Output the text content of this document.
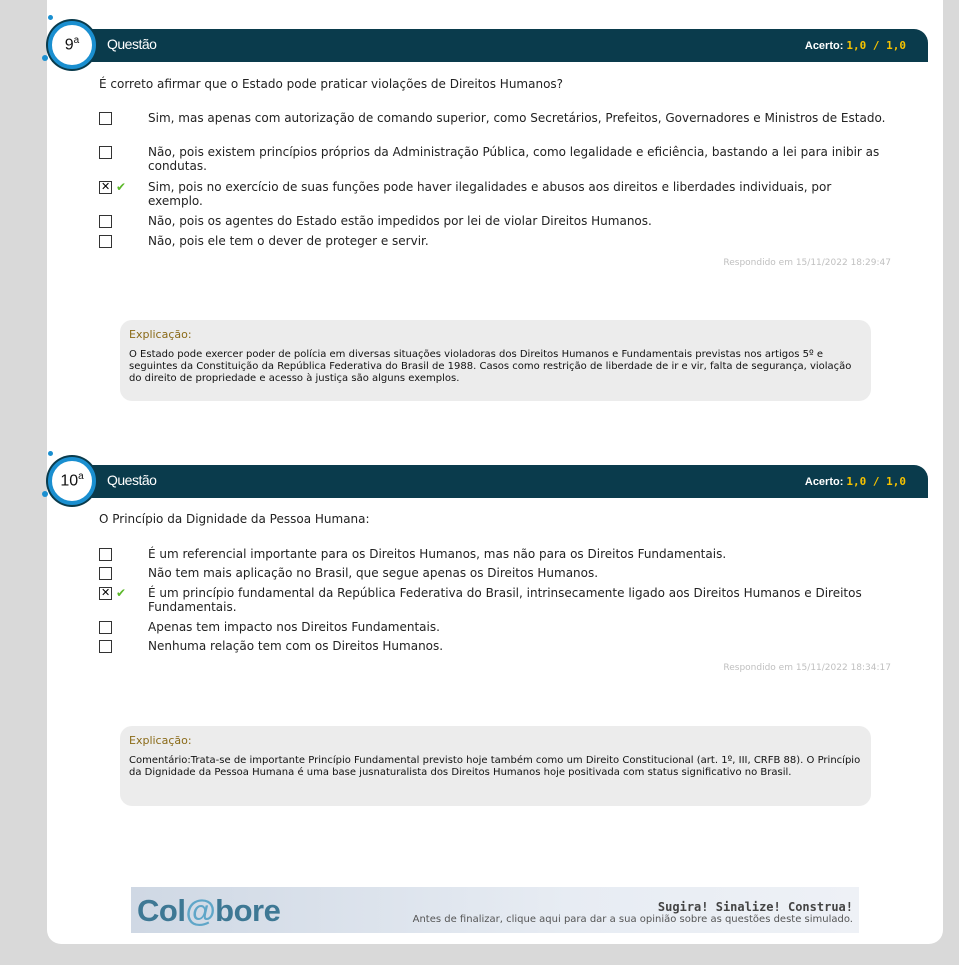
9$^a$ Questão	Acerto: 1,0 / 1,0
É correto afirmar que o Estado pode praticar violações de Direitos Humanos?
Sim, mas apenas com autorização de comando superior, como Secretários, Prefeitos, Governadores e Ministros de Estado.
Não, pois existem princípios próprios da Administração Pública, como legalidade e eficiência, bastando a lei para inibir as condutas.
✕ ✔ Sim, pois no exercício de suas funções pode haver ilegalidades e abusos aos direitos e liberdades individuais, por exemplo.
Não, pois os agentes do Estado estão impedidos por lei de violar Direitos Humanos.
Não, pois ele tem o dever de proteger e servir.
Respondido em 15/11/2022 18:29:47
Explicação:
O Estado pode exercer poder de polícia em diversas situações violadoras dos Direitos Humanos e Fundamentais previstas nos artigos 5º e seguintes da Constituição da República Federativa do Brasil de 1988. Casos como restrição de liberdade de ir e vir, falta de segurança, violação do direito de propriedade e acesso à justiça são alguns exemplos.
10$^a$ Questão	Acerto: 1,0 / 1,0
O Princípio da Dignidade da Pessoa Humana:
É um referencial importante para os Direitos Humanos, mas não para os Direitos Fundamentais.
Não tem mais aplicação no Brasil, que segue apenas os Direitos Humanos.
✕ ✔ É um princípio fundamental da República Federativa do Brasil, intrinsecamente ligado aos Direitos Humanos e Direitos Fundamentais.
Apenas tem impacto nos Direitos Fundamentais.
Nenhuma relação tem com os Direitos Humanos.
Respondido em 15/11/2022 18:34:17
Explicação:
Comentário:Trata-se de importante Princípio Fundamental previsto hoje também como um Direito Constitucional (art. 1º, III, CRFB 88). O Princípio da Dignidade da Pessoa Humana é uma base jusnaturalista dos Direitos Humanos hoje positivada com status significativo no Brasil.
Col@bore	Sugira! Sinalize! Construa!
Antes de finalizar, clique aqui para dar a sua opinião sobre as questões deste simulado.
